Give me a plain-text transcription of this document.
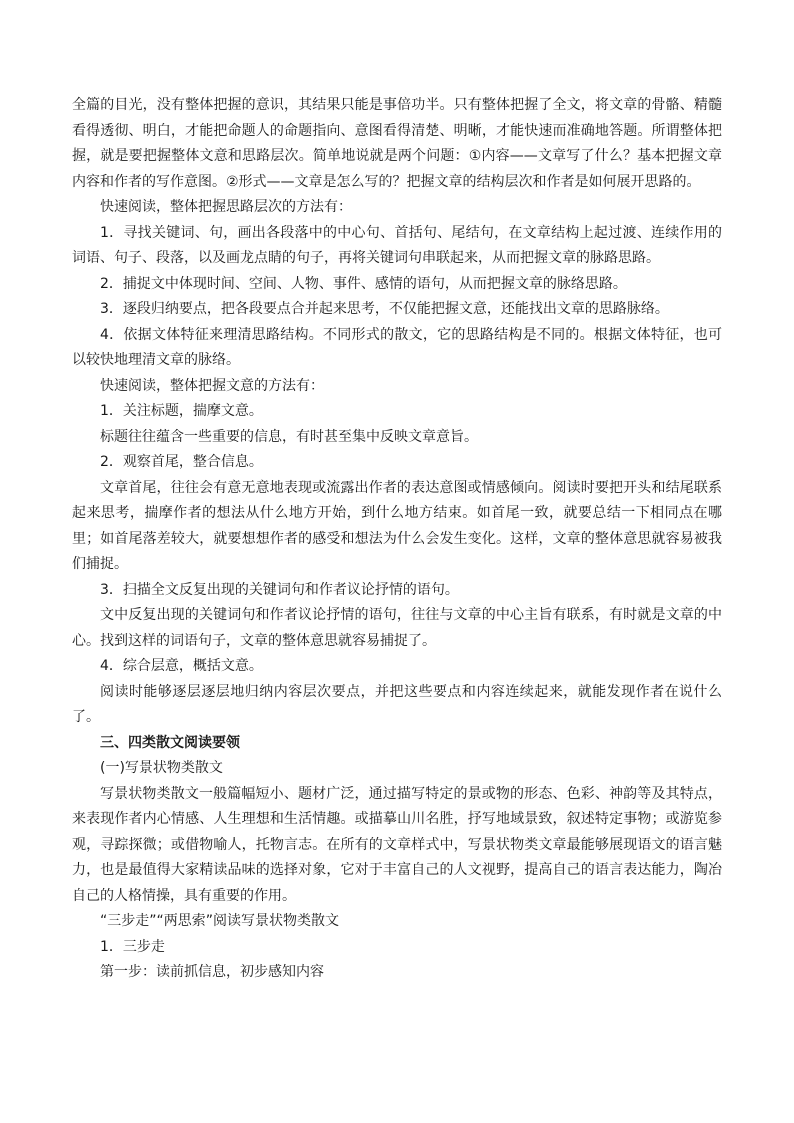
全篇的目光，没有整体把握的意识，其结果只能是事倍功半。只有整体把握了全文，将文章的骨骼、精髓看得透彻、明白，才能把命题人的命题指向、意图看得清楚、明晰，才能快速而准确地答题。所谓整体把握，就是要把握整体文意和思路层次。简单地说就是两个问题：①内容——文章写了什么？基本把握文章内容和作者的写作意图。②形式——文章是怎么写的？把握文章的结构层次和作者是如何展开思路的。

快速阅读，整体把握思路层次的方法有：

1．寻找关键词、句，画出各段落中的中心句、首括句、尾结句，在文章结构上起过渡、连续作用的词语、句子、段落，以及画龙点睛的句子，再将关键词句串联起来，从而把握文章的脉路思路。

2．捕捉文中体现时间、空间、人物、事件、感情的语句，从而把握文章的脉络思路。

3．逐段归纳要点，把各段要点合并起来思考，不仅能把握文意，还能找出文章的思路脉络。

4．依据文体特征来理清思路结构。不同形式的散文，它的思路结构是不同的。根据文体特征，也可以较快地理清文章的脉络。

快速阅读，整体把握文意的方法有：

1．关注标题，揣摩文意。

标题往往蕴含一些重要的信息，有时甚至集中反映文章意旨。

2．观察首尾，整合信息。

文章首尾，往往会有意无意地表现或流露出作者的表达意图或情感倾向。阅读时要把开头和结尾联系起来思考，揣摩作者的想法从什么地方开始，到什么地方结束。如首尾一致，就要总结一下相同点在哪里；如首尾落差较大，就要想想作者的感受和想法为什么会发生变化。这样，文章的整体意思就容易被我们捕捉。

3．扫描全文反复出现的关键词句和作者议论抒情的语句。

文中反复出现的关键词句和作者议论抒情的语句，往往与文章的中心主旨有联系，有时就是文章的中心。找到这样的词语句子，文章的整体意思就容易捕捉了。

4．综合层意，概括文意。

阅读时能够逐层逐层地归纳内容层次要点，并把这些要点和内容连续起来，就能发现作者在说什么了。

三、四类散文阅读要领

(一)写景状物类散文

写景状物类散文一般篇幅短小、题材广泛，通过描写特定的景或物的形态、色彩、神韵等及其特点，来表现作者内心情感、人生理想和生活情趣。或描摹山川名胜，抒写地域景致，叙述特定事物；或游览参观，寻踪探微；或借物喻人，托物言志。在所有的文章样式中，写景状物类文章最能够展现语文的语言魅力，也是最值得大家精读品味的选择对象，它对于丰富自己的人文视野，提高自己的语言表达能力，陶冶自己的人格情操，具有重要的作用。

“三步走”“两思索”阅读写景状物类散文

1．三步走

第一步：读前抓信息，初步感知内容
